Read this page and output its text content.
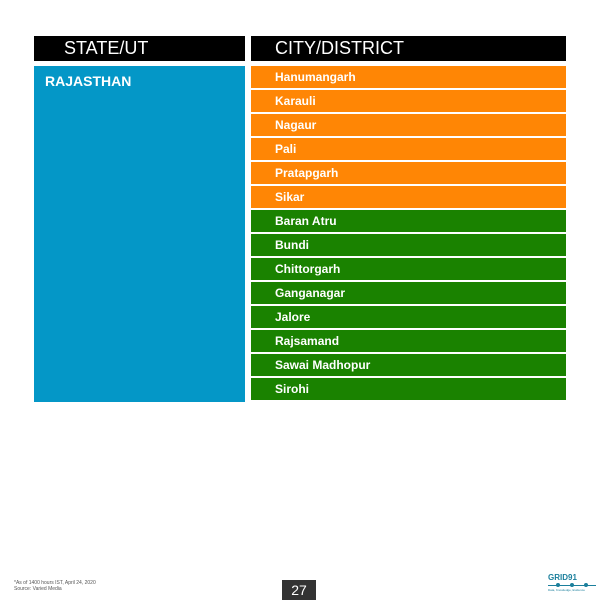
STATE/UT	CITY/DISTRICT
RAJASTHAN	Hanumangarh
Karauli
Nagaur
Pali
Pratapgarh
Sikar
Baran Atru
Bundi
Chittorgarh
Ganganagar
Jalore
Rajsamand
Sawai Madhopur
Sirohi
*As of 1400 hours IST, April 24, 2020
Source: Varied Media	27
GRID91
Data, Knowledge, Evidence
